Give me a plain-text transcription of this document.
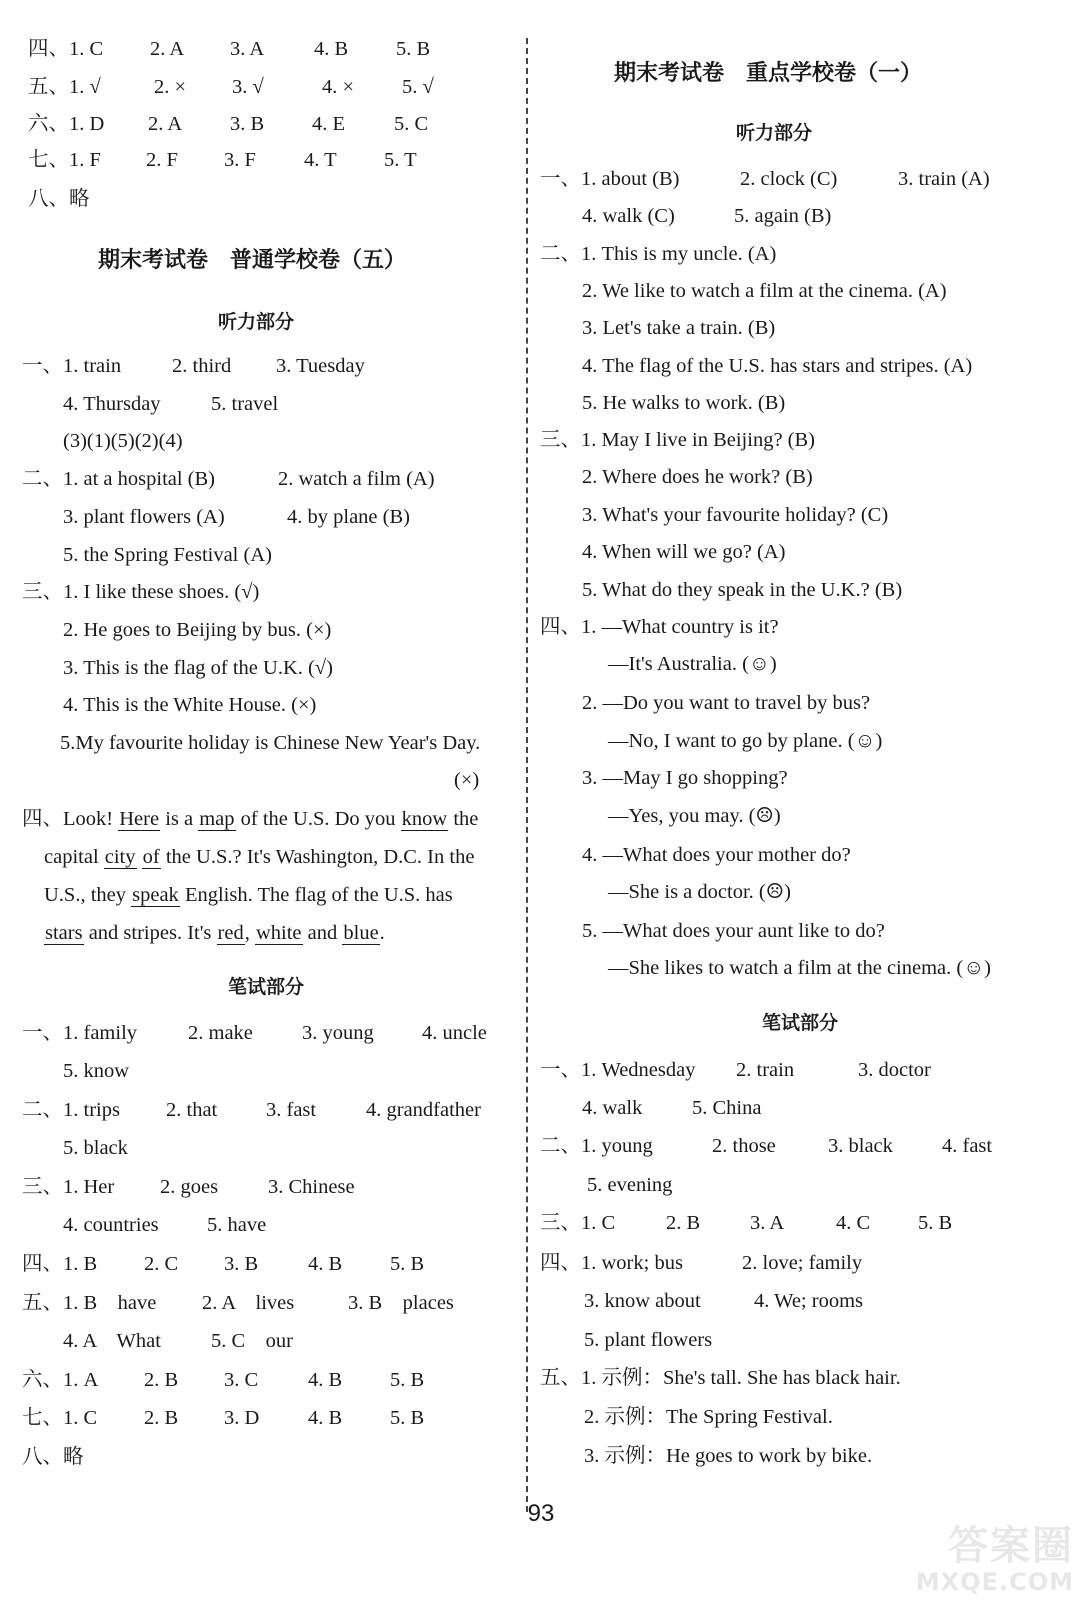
四、1. C 2. A 3. A 4. B 5. B
五、1. √	2. × 3. √	4. × 5. √
六、1. D 2. A 3. B 4. E 5. C
七、1. F 2. F 3. F 4. T 5. T
八、略
期末考试卷　普通学校卷（五）
听力部分
一、1. train 2. third 3. Tuesday
4. Thursday 5. travel
(3)(1)(5)(2)(4)
二、1. at a hospital (B)	2. watch a film (A)
3. plant flowers (A)	4. by plane (B)
5. the Spring Festival (A)
三、1. I like these shoes. (√)
2. He goes to Beijing by bus. (×)
3. This is the flag of the U.K. (√)
4. This is the White House. (×)
5.My favourite holiday is Chinese New Year's Day.
(×)
四、Look! Here is a map of the U.S. Do you know the
capital city of the U.S.? It's Washington, D.C. In the
U.S., they speak English. The flag of the U.S. has
stars and stripes. It's red, white and blue.
笔试部分
一、1. family 2. make 3. young 4. uncle
5. know
二、1. trips 2. that 3. fast 4. grandfather
5. black
三、1. Her 2. goes 3. Chinese
4. countries 5. have
四、1. B 2. C 3. B 4. B 5. B
五、1. B　have 2. A　lives	3. B　places
4. A　What 5. C　our
六、1. A 2. B 3. C 4. B 5. B
七、1. C 2. B 3. D 4. B 5. B
八、略
期末考试卷　重点学校卷（一）
听力部分
一、1. about (B)	2. clock (C)	3. train (A)
4. walk (C)	5. again (B)
二、1. This is my uncle. (A)
2. We like to watch a film at the cinema. (A)
3. Let's take a train. (B)
4. The flag of the U.S. has stars and stripes. (A)
5. He walks to work. (B)
三、1. May I live in Beijing? (B)
2. Where does he work? (B)
3. What's your favourite holiday? (C)
4. When will we go? (A)
5. What do they speak in the U.K.? (B)
四、1. —What country is it?
—It's Australia. (☺)
2. —Do you want to travel by bus?
—No, I want to go by plane. (☺)
3. —May I go shopping?
—Yes, you may. (☹)
4. —What does your mother do?
—She is a doctor. (☹)
5. —What does your aunt like to do?
—She likes to watch a film at the cinema. (☺)
笔试部分
一、1. Wednesday 2. train	3. doctor
4. walk 5. China
二、1. young	2. those	3. black 4. fast
5. evening
三、1. C 2. B 3. A	4. C 5. B
四、1. work; bus	2. love; family
3. know about	4. We; rooms
5. plant flowers
五、1. 示例：She's tall. She has black hair.
2. 示例：The Spring Festival.
3. 示例：He goes to work by bike.
93
答案圈
MXQE.COM
